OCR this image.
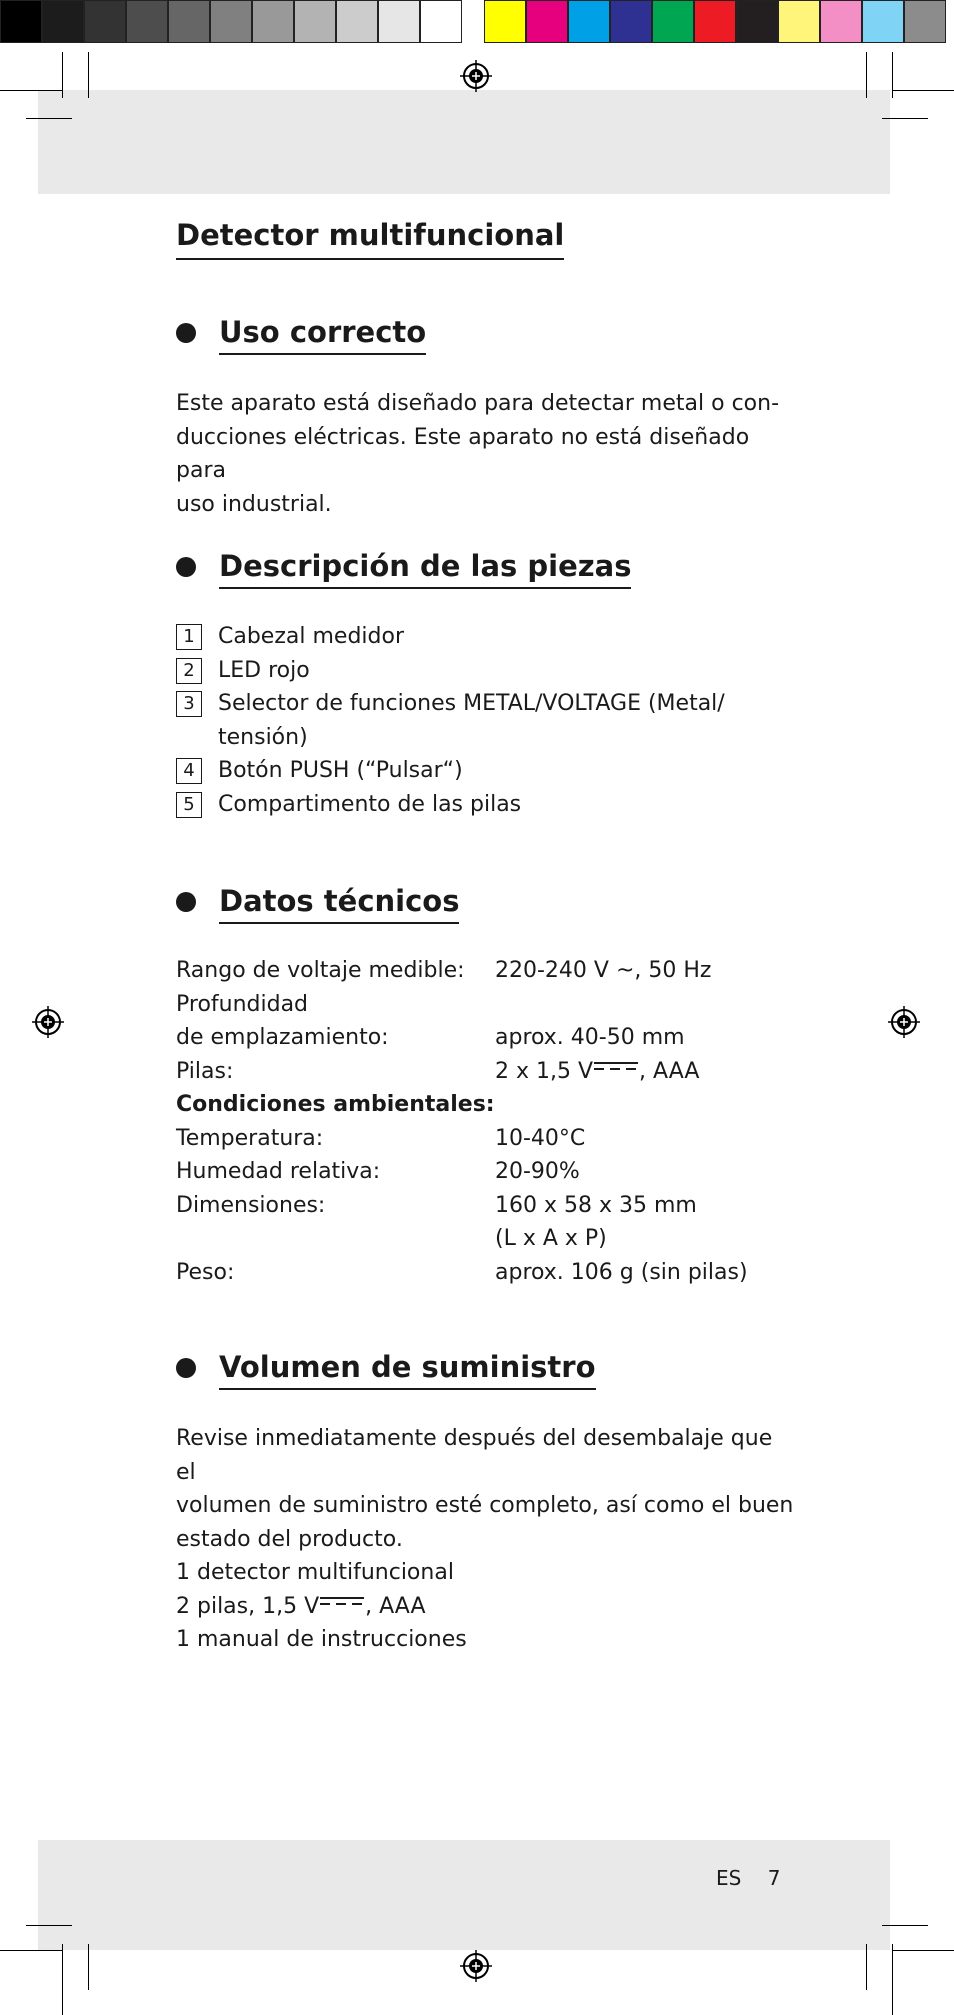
Detector multifuncional
Uso correcto
Este aparato está diseñado para detectar metal o con-
ducciones eléctricas. Este aparato no está diseñado para
uso industrial.
Descripción de las piezas
1	Cabezal medidor
2	LED rojo
3	Selector de funciones METAL/VOLTAGE (Metal/ tensión)
4	Botón PUSH (“Pulsar“)
5	Compartimento de las pilas
Datos técnicos
Rango de voltaje medible:	220-240 V ~, 50 Hz
Profundidad
de emplazamiento:	aprox. 40-50 mm
Pilas:	2 x 1,5 V , AAA
Condiciones ambientales:
Temperatura:	10-40°C
Humedad relativa:	20-90%
Dimensiones:	160 x 58 x 35 mm
(L x A x P)
Peso:	aprox. 106 g (sin pilas)
Volumen de suministro
Revise inmediatamente después del desembalaje que el
volumen de suministro esté completo, así como el buen
estado del producto.
1 detector multifuncional
2 pilas, 1,5 V , AAA
1 manual de instrucciones
ES 7
